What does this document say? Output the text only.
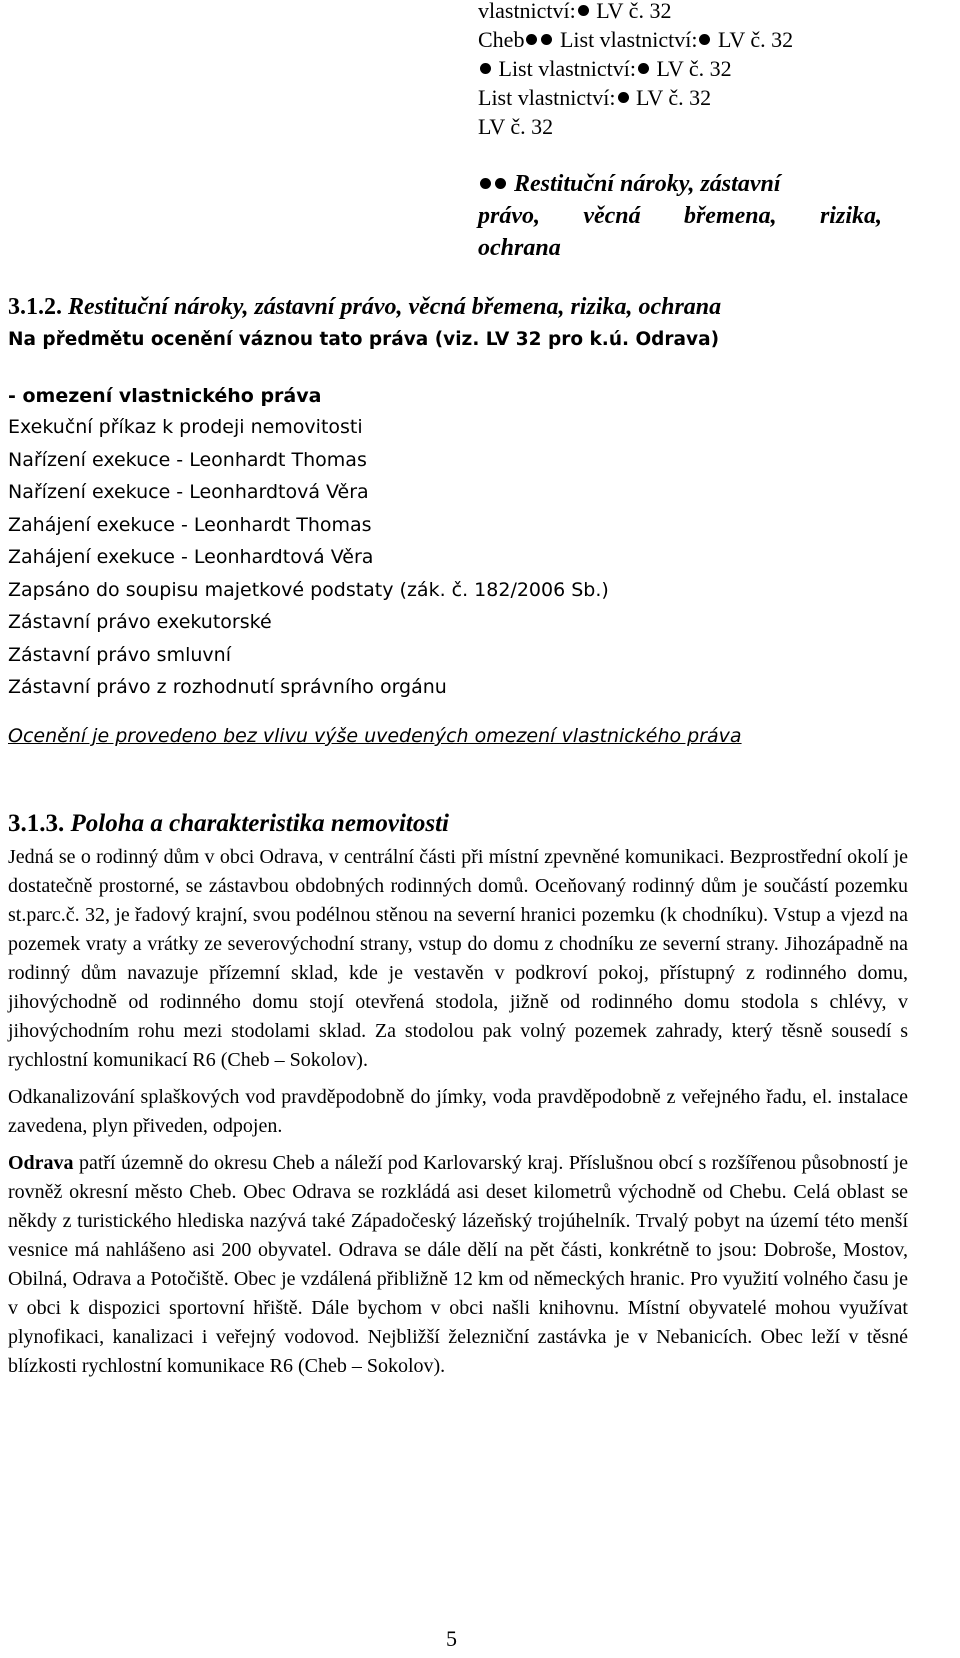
vlastnictví: LV č. 32
Cheb List vlastnictví: LV č. 32
List vlastnictví: LV č. 32
List vlastnictví: LV č. 32
LV č. 32
Restituční nároky, zástavní
právo, věcná břemena, rizika,
ochrana
3.1.2. Restituční nároky, zástavní právo, věcná břemena, rizika, ochrana
Na předmětu ocenění váznou tato práva (viz. LV 32 pro k.ú. Odrava)
- omezení vlastnického práva
Exekuční příkaz k prodeji nemovitosti
Nařízení exekuce - Leonhardt Thomas
Nařízení exekuce - Leonhardtová Věra
Zahájení exekuce - Leonhardt Thomas
Zahájení exekuce - Leonhardtová Věra
Zapsáno do soupisu majetkové podstaty (zák. č. 182/2006 Sb.)
Zástavní právo exekutorské
Zástavní právo smluvní
Zástavní právo z rozhodnutí správního orgánu
Ocenění je provedeno bez vlivu výše uvedených omezení vlastnického práva
3.1.3. Poloha a charakteristika nemovitosti

Jedná se o rodinný dům v obci Odrava, v centrální části při místní zpevněné komunikaci. Bezprostřední okolí je dostatečně prostorné, se zástavbou obdobných rodinných domů. Oceňovaný rodinný dům je součástí pozemku st.parc.č. 32, je řadový krajní, svou podélnou stěnou na severní hranici pozemku (k chodníku). Vstup a vjezd na pozemek vraty a vrátky ze severovýchodní strany, vstup do domu z chodníku ze severní strany. Jihozápadně na rodinný dům navazuje přízemní sklad, kde je vestavěn v podkroví pokoj, přístupný z rodinného domu, jihovýchodně od rodinného domu stojí otevřená stodola, jižně od rodinného domu stodola s chlévy, v jihovýchodním rohu mezi stodolami sklad. Za stodolou pak volný pozemek zahrady, který těsně sousedí s rychlostní komunikací R6 (Cheb – Sokolov).

Odkanalizování splaškových vod pravděpodobně do jímky, voda pravděpodobně z veřejného řadu, el. instalace zavedena, plyn přiveden, odpojen.

Odrava patří územně do okresu Cheb a náleží pod Karlovarský kraj. Příslušnou obcí s rozšířenou působností je rovněž okresní město Cheb. Obec Odrava se rozkládá asi deset kilometrů východně od Chebu. Celá oblast se někdy z turistického hlediska nazývá také Západočeský lázeňský trojúhelník. Trvalý pobyt na území této menší vesnice má nahlášeno asi 200 obyvatel. Odrava se dále dělí na pět části, konkrétně to jsou: Dobroše, Mostov, Obilná, Odrava a Potočiště. Obec je vzdálená přibližně 12 km od německých hranic. Pro využití volného času je v obci k dispozici sportovní hřiště. Dále bychom v obci našli knihovnu. Místní obyvatelé mohou využívat plynofikaci, kanalizaci i veřejný vodovod. Nejbližší železniční zastávka je v Nebanicích. Obec leží v těsné blízkosti rychlostní komunikace R6 (Cheb – Sokolov).

5
